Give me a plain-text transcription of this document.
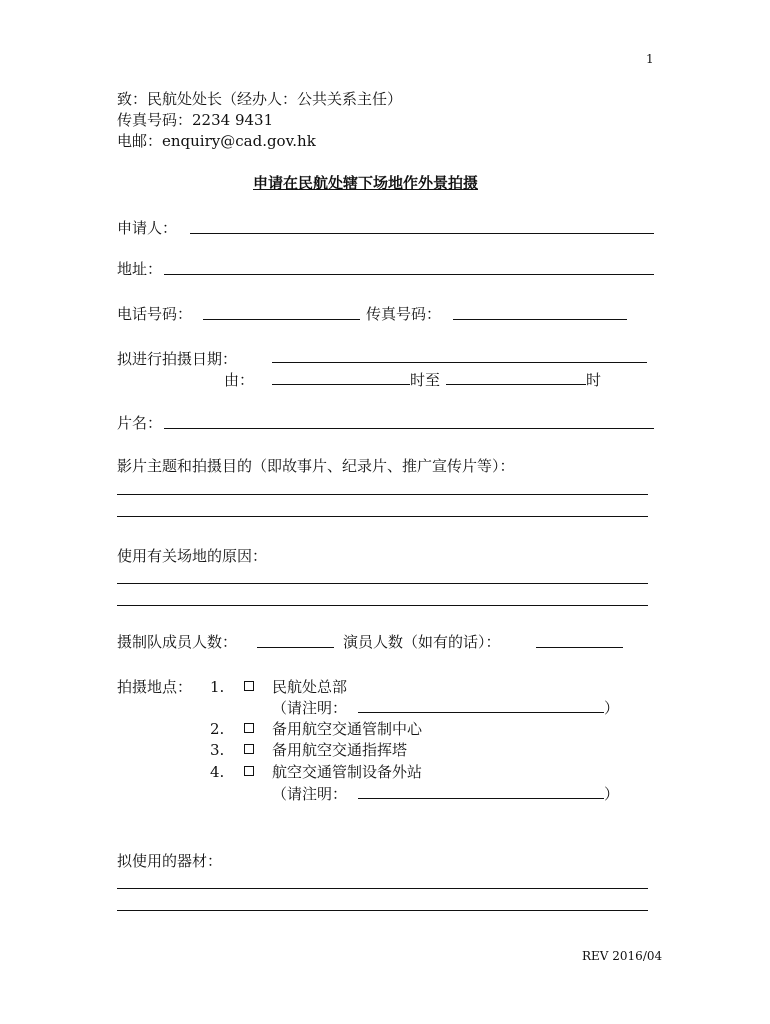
1
致：民航处处长（经办人：公共关系主任）
传真号码：2234 9431
电邮：enquiry@cad.gov.hk
申请在民航处辖下场地作外景拍摄
申请人：
地址：
电话号码：	传真号码：
拟进行拍摄日期：
由：	时至	时
片名：
影片主题和拍摄目的（即故事片、纪录片、推广宣传片等）：
使用有关场地的原因：
摄制队成员人数：	演员人数（如有的话）：
拍摄地点： 1.	民航处总部
（请注明：	）
2.	备用航空交通管制中心
3.	备用航空交通指挥塔
4.	航空交通管制设备外站
（请注明：	）
拟使用的器材：
REV 2016/04
